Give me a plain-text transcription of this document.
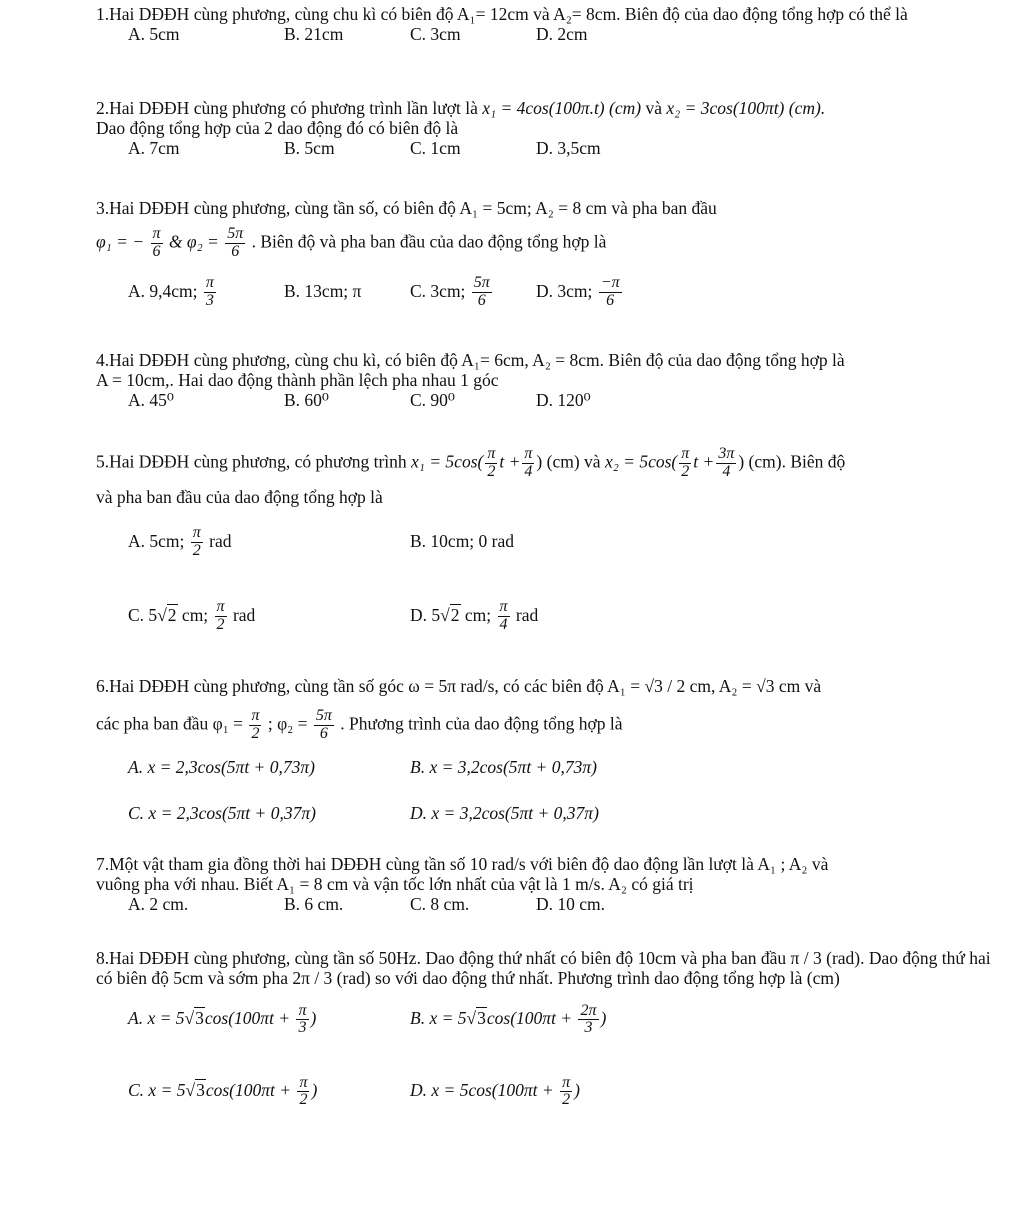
1.Hai DĐĐH cùng phương, cùng chu kì có biên độ A₁= 12cm và A₂= 8cm. Biên độ của dao động tổng hợp có thể là

A. 5cm	B. 21cm	C. 3cm	D. 2cm

2.Hai DĐĐH cùng phương có phương trình lần lượt là x₁ = 4cos(100π.t) (cm) và x₂ = 3cos(100πt) (cm).
Dao động tổng hợp của 2 dao động đó có biên độ là

A. 7cm	B. 5cm	C. 1cm	D. 3,5cm

3.Hai DĐĐH cùng phương, cùng tần số, có biên độ A₁ = 5cm; A₂ = 8 cm và pha ban đầu

φ₁ = − $\frac{\pi}{6}$ & $\varphi_2 = \frac{5\pi}{6}$ . Biên độ và pha ban đầu của dao động tổng hợp là

A. 9,4cm; $\frac{\pi}{3}$	B. 13cm; π	C. 3cm; $\frac{5\pi}{6}$	D. 3cm; $\frac{-\pi}{6}$

4.Hai DĐĐH cùng phương, cùng chu kì, có biên độ A₁= 6cm, A₂ = 8cm. Biên độ của dao động tổng hợp là
A = 10cm,. Hai dao động thành phần lệch pha nhau 1 góc

A. 45⁰	B. 60⁰	C. 90⁰	D. 120⁰

5.Hai DĐĐH cùng phương, có phương trình $x_1 = 5\cos( \frac{\pi}{2}$ $t + \frac{\pi}{4}$ ) (cm) và $x_2 = 5\cos( \frac{\pi}{2}$ $t + \frac{3\pi}{4}$ ) (cm). Biên độ

và pha ban đầu của dao động tổng hợp là

A. 5cm; $\frac{\pi}{2}$ rad	B. 10cm; 0 rad
C. 5√2 cm; $\frac{\pi}{2}$ rad	D. 5√2 cm; $\frac{\pi}{4}$ rad

6.Hai DĐĐH cùng phương, cùng tần số góc ω = 5π rad/s, có các biên độ A₁ = √3 / 2 cm, A₂ = √3 cm và

các pha ban đầu $\varphi_1 = \frac{\pi}{2}$ ; $\varphi_2 = \frac{5\pi}{6}$ . Phương trình của dao động tổng hợp là

A. x = 2,3cos(5πt + 0,73π)	B. x = 3,2cos(5πt + 0,73π)
C. x = 2,3cos(5πt + 0,37π)	D. x = 3,2cos(5πt + 0,37π)

7.Một vật tham gia đồng thời hai DĐĐH cùng tần số 10 rad/s với biên độ dao động lần lượt là A₁ ; A₂ và
vuông pha với nhau. Biết A₁ = 8 cm và vận tốc lớn nhất của vật là 1 m/s. A₂ có giá trị

A. 2 cm.	B. 6 cm.	C. 8 cm.	D. 10 cm.

8.Hai DĐĐH cùng phương, cùng tần số 50Hz. Dao động thứ nhất có biên độ 10cm và pha ban đầu π / 3 (rad). Dao động thứ hai có biên độ 5cm và sớm pha 2π / 3 (rad) so với dao động thứ nhất. Phương trình dao động tổng hợp là (cm)

A. $x = 5√3\cos(100\pi t + \frac{\pi}{3}$ )	B. $x = 5√3\cos(100\pi t + \frac{2\pi}{3}$ )
C. $x = 5√3\cos(100\pi t + \frac{\pi}{2}$ )	D. $x = 5\cos(100\pi t + \frac{\pi}{2}$ )
